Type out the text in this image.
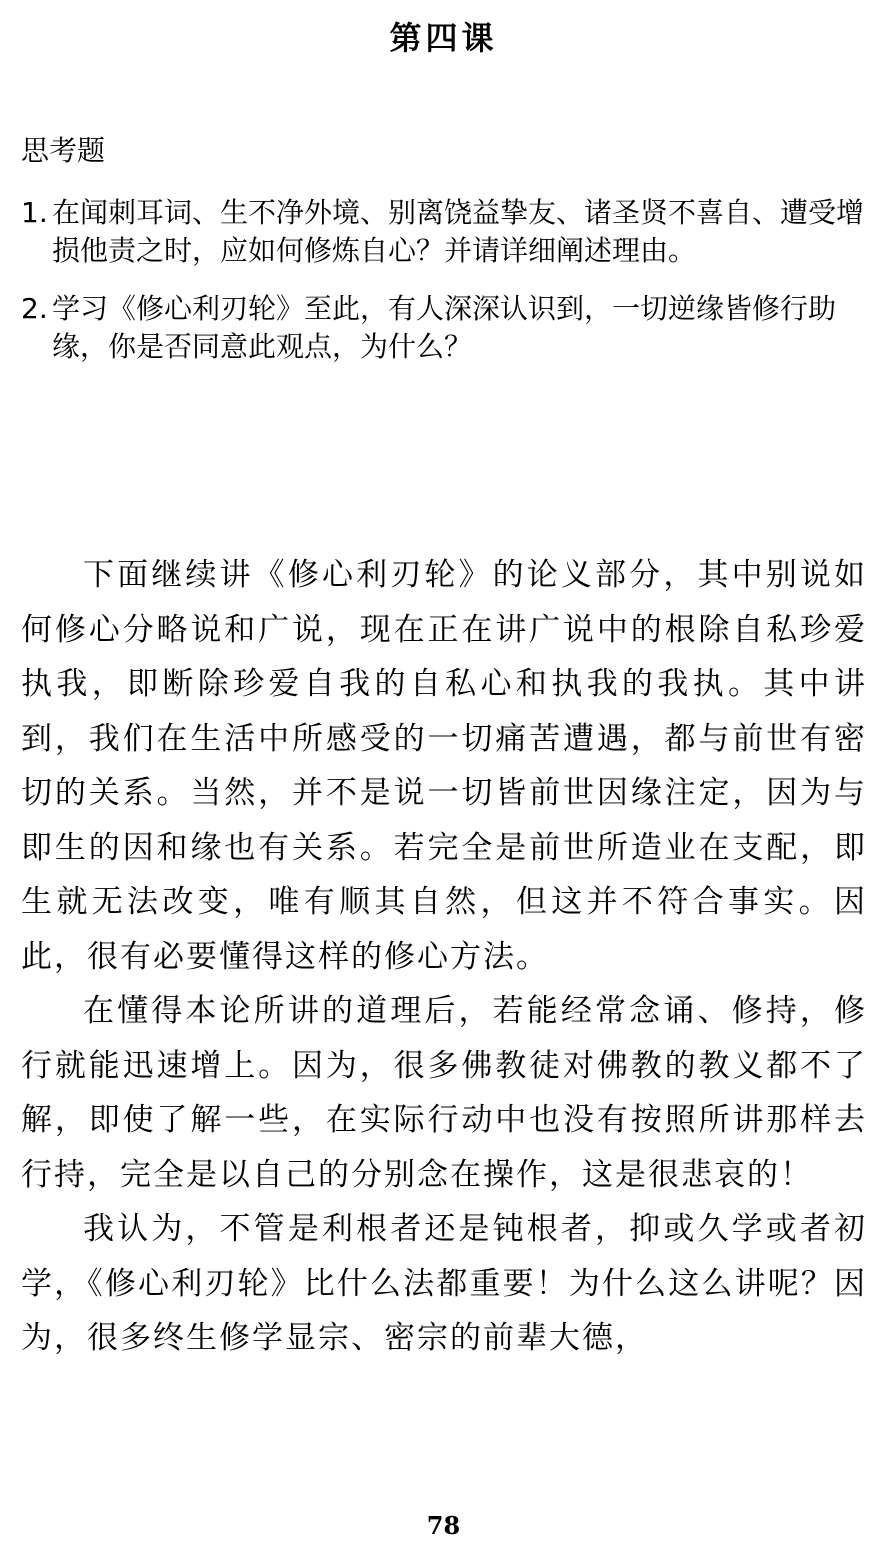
第四课
思考题
1. 在闻刺耳词、生不净外境、别离饶益挚友、诸圣贤不喜自、遭受增损他责之时，应如何修炼自心？并请详细阐述理由。
2. 学习《修心利刃轮》至此，有人深深认识到，一切逆缘皆修行助缘，你是否同意此观点，为什么？

下面继续讲《修心利刃轮》的论义部分，其中别说如何修心分略说和广说，现在正在讲广说中的根除自私珍爱执我，即断除珍爱自我的自私心和执我的我执。其中讲到，我们在生活中所感受的一切痛苦遭遇，都与前世有密切的关系。当然，并不是说一切皆前世因缘注定，因为与即生的因和缘也有关系。若完全是前世所造业在支配，即生就无法改变，唯有顺其自然，但这并不符合事实。因此，很有必要懂得这样的修心方法。

在懂得本论所讲的道理后，若能经常念诵、修持，修行就能迅速增上。因为，很多佛教徒对佛教的教义都不了解，即使了解一些，在实际行动中也没有按照所讲那样去行持，完全是以自己的分别念在操作，这是很悲哀的！

我认为，不管是利根者还是钝根者，抑或久学或者初学，《修心利刃轮》比什么法都重要！为什么这么讲呢？因为，很多终生修学显宗、密宗的前辈大德，

78
